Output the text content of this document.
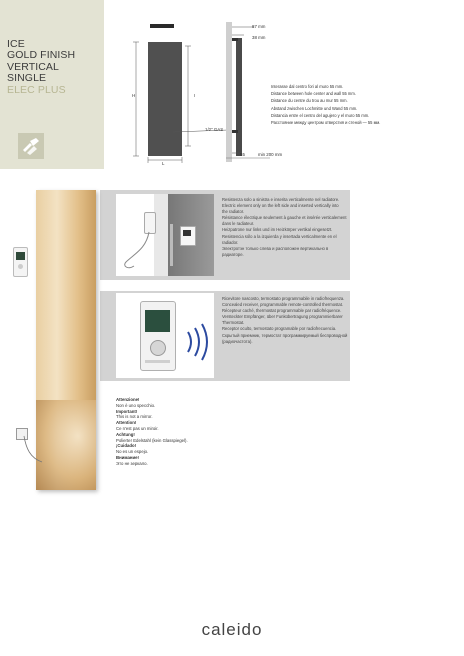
ICE
GOLD FINISH
VERTICAL
SINGLE
ELEC PLUS
87 mm
38 mm
H	I
1/2" GAS
L
55	min 200 mm
Interasse dal centro fori al muro 55 mm.
Distance between hole center and wall 55 mm.
Distance du centre du trou au mur 55 mm.
Abstand zwischen Lochmitte und Wand 55 mm.
Distancia entre el centro del agujero y el muro 55 mm.
Расстояние между центром отверстия и стеной — 55 мм.
Resistenza solo a sinistra e inserita verticalmente nel radiatore.
Electric element only on the left side and inserted vertically into
the radiator.
Résistance électrique seulement à gauche et insérée verticalement
dans le radiateur.
Heizpatrone nur links und im Heizkörper vertikal eingesetzt.
Resistencia sólo a la izquierda y insertada verticalmente en el
radiador.
Электротэн только слева и расположен вертикально в радиаторе.
Ricevitore nascosto, termostato programmabile in radiofrequenza.
Concealed receiver, programmable remote-controlled thermostat.
Récepteur caché, thermostat programmable par radiofréquence.
Versteckter Empfänger, über Funkübertragung programmierbarer
Thermostat.
Receptor oculto, termostato programable por radiofrecuencia.
Скрытый приемник, термостат программируемый беспроводной
(радиочастота).
Attenzione!
Non è uno specchio.
Important!
This is not a mirror.
Attention!
Ce n'est pas un miroir.
Achtung!
Polierter Edelstahl (kein Glasspiegel).
¡Cuidado!
No es un espejo.
Внимание!
Это не зеркало.
caleido
